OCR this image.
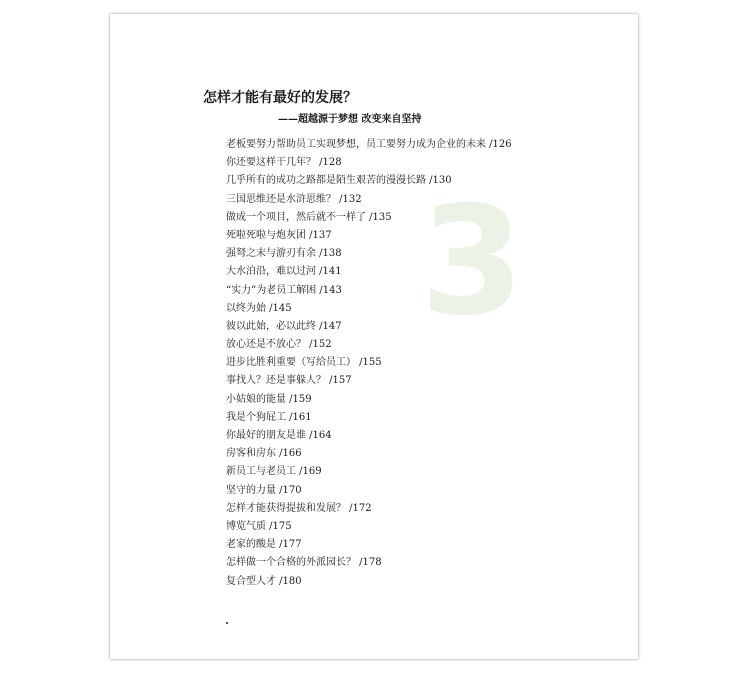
3
怎样才能有最好的发展？
——超越源于梦想 改变来自坚持
老板要努力帮助员工实现梦想，员工要努力成为企业的未来 /126
你还要这样干几年？ /128
几乎所有的成功之路都是陌生艰苦的漫漫长路 /130
三国思维还是水浒思维？ /132
做成一个项目，然后就不一样了 /135
死啦死啦与炮灰团 /137
强弩之末与游刃有余 /138
大水泊沿，难以过河 /141
“实力”为老员工解困 /143
以终为始 /145
彼以此始，必以此终 /147
放心还是不放心？ /152
进步比胜利重要（写给员工） /155
事找人？还是事躲人？ /157
小姑娘的能量 /159
我是个狗屁工 /161
你最好的朋友是谁 /164
房客和房东 /166
新员工与老员工 /169
坚守的力量 /170
怎样才能获得提拔和发展？ /172
博览气质 /175
老家的酸是 /177
怎样做一个合格的外派园长？ /178
复合型人才 /180
